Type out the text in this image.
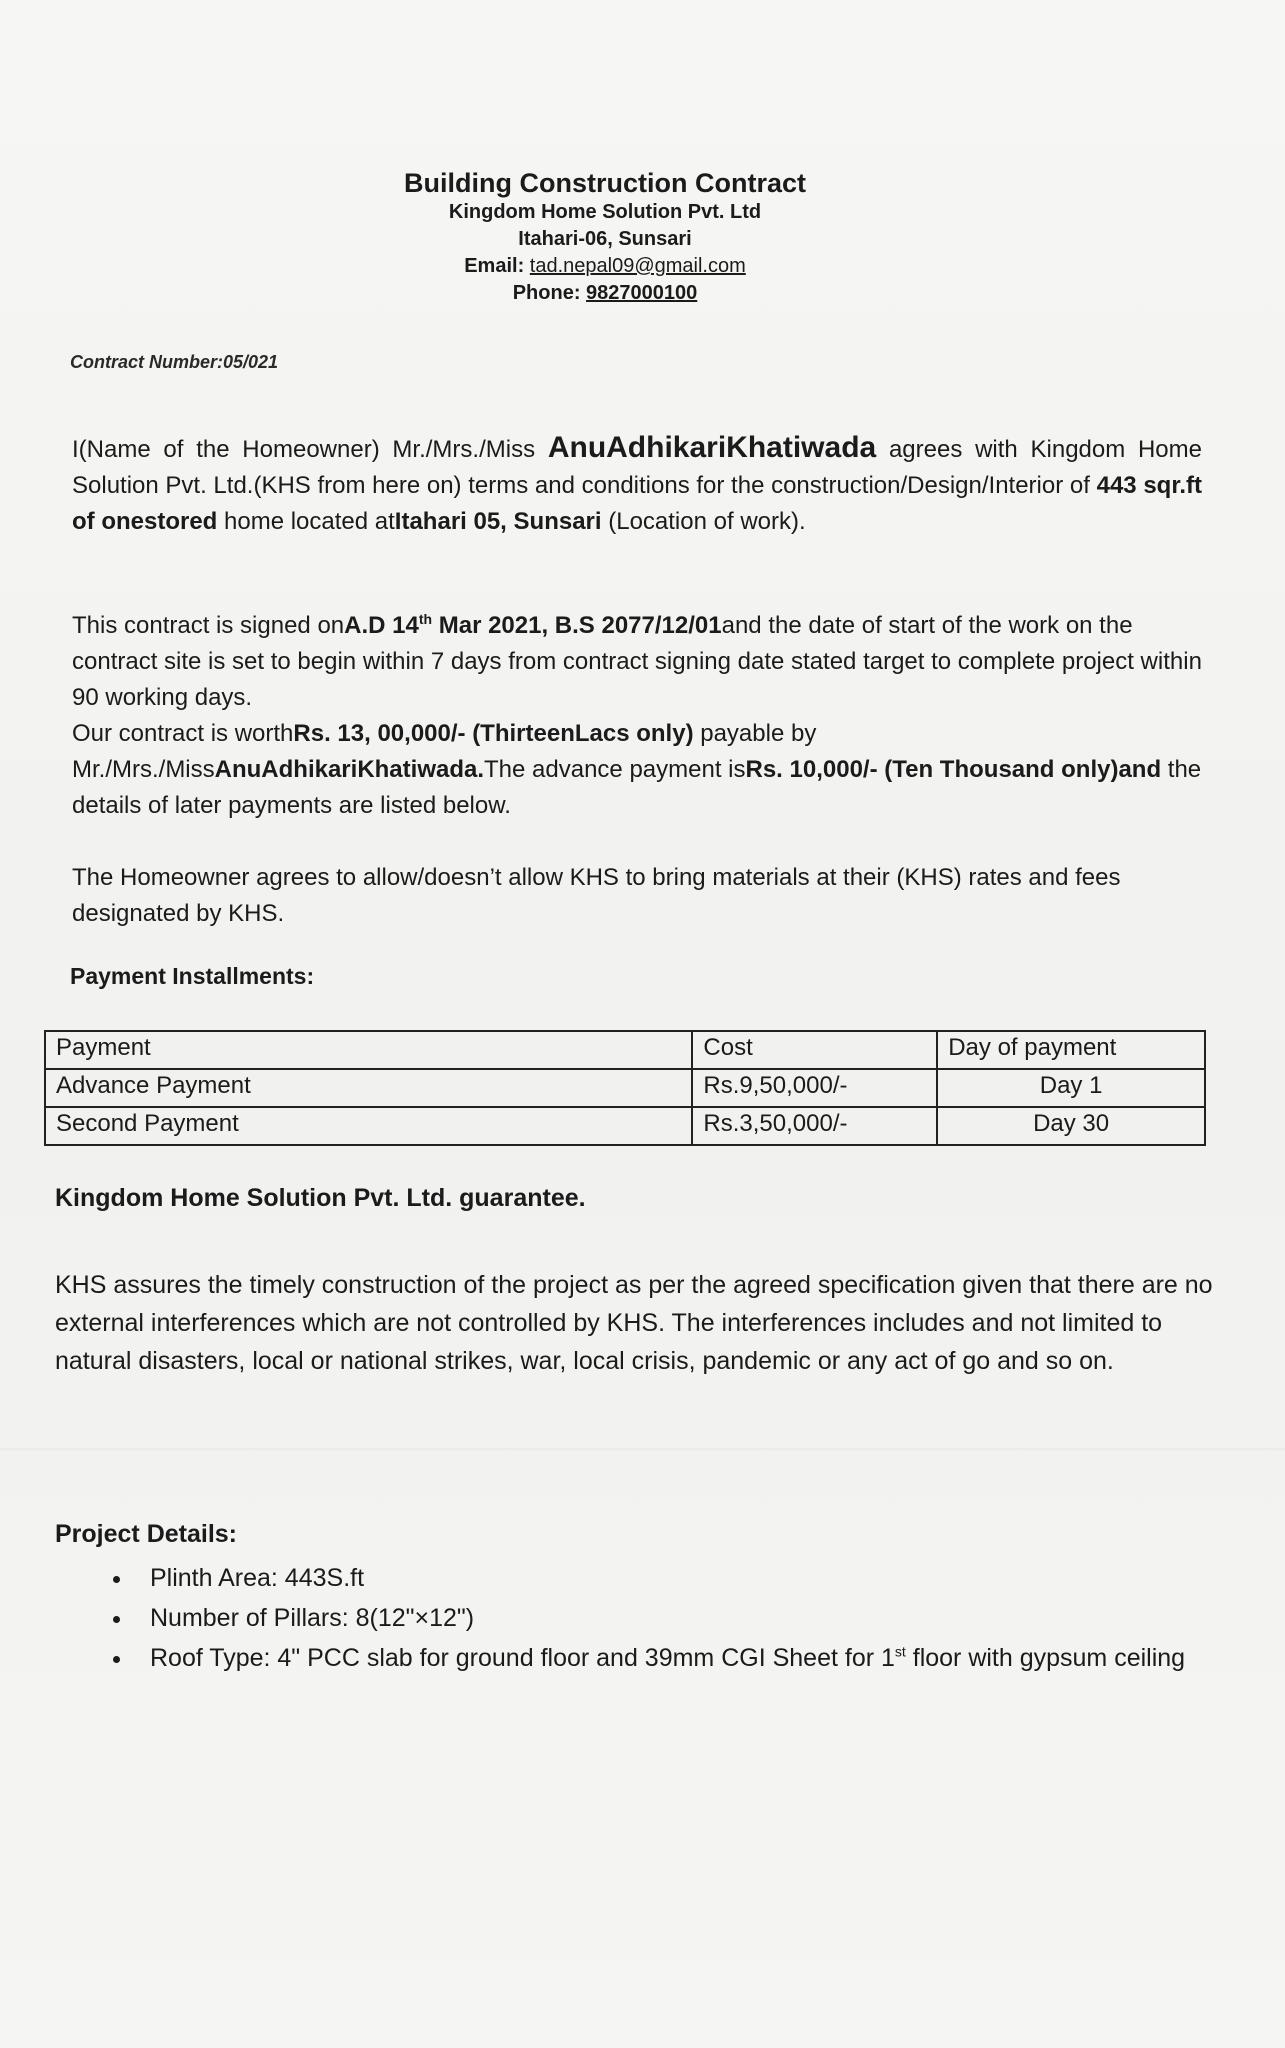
Building Construction Contract
Kingdom Home Solution Pvt. Ltd
Itahari-06, Sunsari
Email: tad.nepal09@gmail.com
Phone: 9827000100
Contract Number:05/021
I(Name of the Homeowner) Mr./Mrs./Miss AnuAdhikariKhatiwada agrees with Kingdom Home Solution Pvt. Ltd.(KHS from here on) terms and conditions for the construction/Design/Interior of 443 sqr.ft of onestored home located atItahari 05, Sunsari (Location of work).
This contract is signed onA.D 14th Mar 2021, B.S 2077/12/01and the date of start of the work on the contract site is set to begin within 7 days from contract signing date stated target to complete project within 90 working days.
Our contract is worthRs. 13, 00,000/- (ThirteenLacs only) payable by Mr./Mrs./MissAnuAdhikariKhatiwada.The advance payment isRs. 10,000/- (Ten Thousand only)and the details of later payments are listed below.
The Homeowner agrees to allow/doesn’t allow KHS to bring materials at their (KHS) rates and fees designated by KHS.
Payment Installments:
Payment	Cost	Day of payment
Advance Payment	Rs.9,50,000/-	Day 1
Second Payment	Rs.3,50,000/-	Day 30
Kingdom Home Solution Pvt. Ltd. guarantee.
KHS assures the timely construction of the project as per the agreed specification given that there are no external interferences which are not controlled by KHS. The interferences includes and not limited to natural disasters, local or national strikes, war, local crisis, pandemic or any act of go and so on.
Project Details:
• Plinth Area: 443S.ft
• Number of Pillars: 8(12"×12")
• Roof Type: 4" PCC slab for ground floor and 39mm CGI Sheet for 1st floor with gypsum ceiling
